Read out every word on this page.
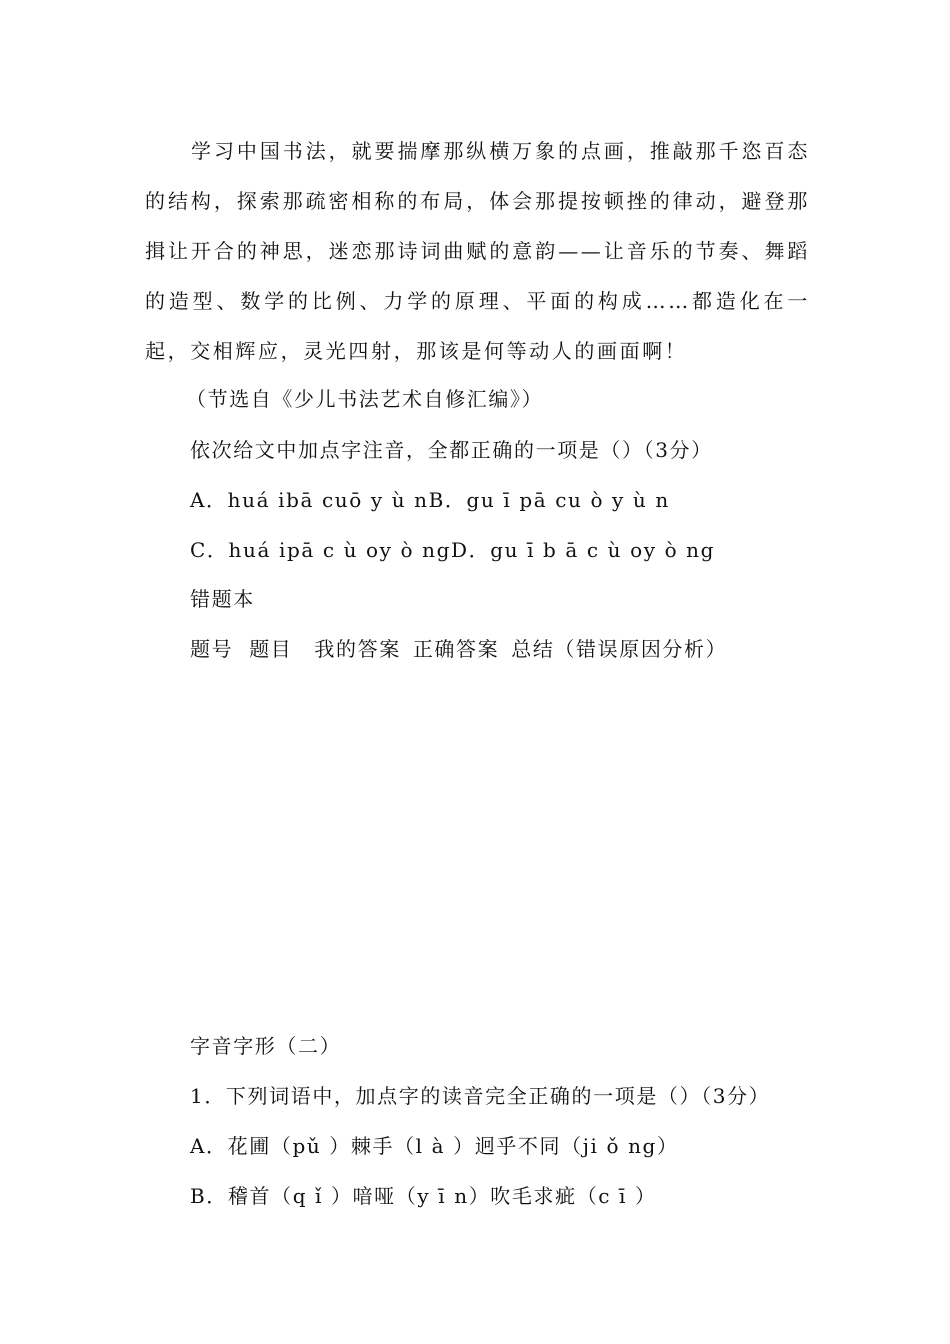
学习中国书法，就要揣摩那纵横万象的点画，推敲那千恣百态的结构，探索那疏密相称的布局，体会那提按顿挫的律动，避登那揖让开合的神思，迷恋那诗词曲赋的意韵——让音乐的节奏、舞蹈的造型、数学的比例、力学的原理、平面的构成……都造化在一起，交相辉应，灵光四射，那该是何等动人的画面啊！

（节选自《少儿书法艺术自修汇编》）

依次给文中加点字注音，全都正确的一项是（）（3分）

A．huá ibā cuō y ù nB．gu ī pā cu ò y ù n

C．huá ipā c ù oy ò ngD．gu ī b ā c ù oy ò ng

错题本

题号 题目 我的答案 正确答案 总结（错误原因分析）

字音字形（二）

1．下列词语中，加点字的读音完全正确的一项是（）（3分）

A．花圃（pǔ ）棘手（l à ）迥乎不同（ji ǒ ng）

B．稽首（q ǐ ）喑哑（y ī n）吹毛求疵（c ī ）
